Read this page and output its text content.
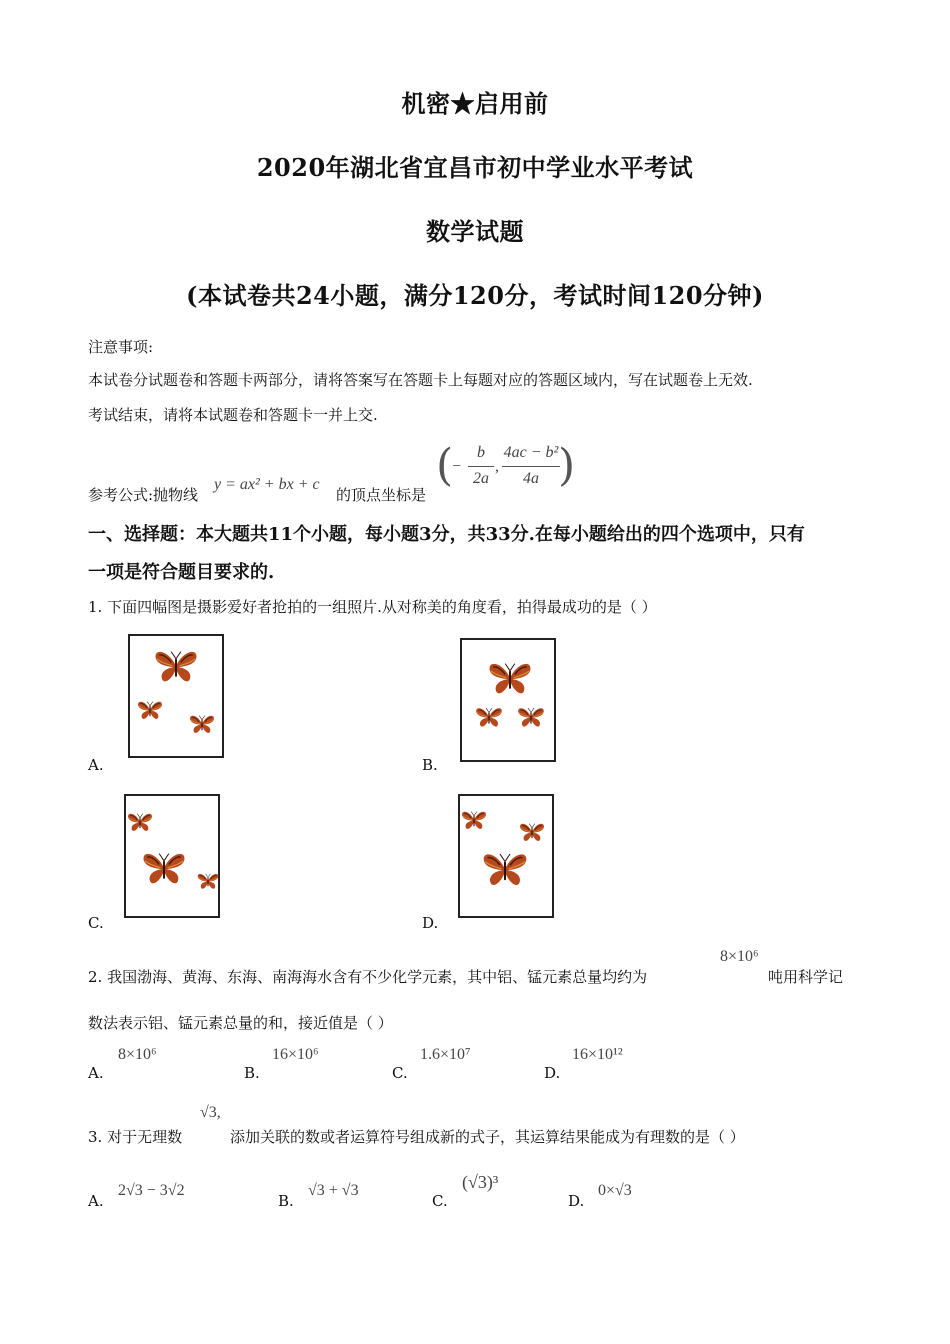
机密★启用前
2020年湖北省宜昌市初中学业水平考试
数学试题
(本试卷共24小题，满分120分，考试时间120分钟)
注意事项:
本试卷分试题卷和答题卡两部分，请将答案写在答题卡上每题对应的答题区域内，写在试题卷上无效.
考试结束，请将本试题卷和答题卡一并上交.
参考公式:抛物线
y = ax² + bx + c
的顶点坐标是
(
−
b
2a
,
4ac − b²
4a )
一、选择题：本大题共11个小题，每小题3分，共33分.在每小题给出的四个选项中，只有
一项是符合题目要求的.
1. 下面四幅图是摄影爱好者抢拍的一组照片.从对称美的角度看，拍得最成功的是（ ）
A.	B.
C.	D.
2. 我国渤海、黄海、东海、南海海水含有不少化学元素，其中铝、锰元素总量均约为
8×10⁶
吨用科学记
数法表示铝、锰元素总量的和，接近值是（ ）
A.
8×10⁶
B.
16×10⁶
C.
1.6×10⁷
D.
16×10¹²
3. 对于无理数
√3,
添加关联的数或者运算符号组成新的式子，其运算结果能成为有理数的是（ ）
A.
2√3 − 3√2
B.
√3 + √3
C.
(√3)³
D.
0×√3
